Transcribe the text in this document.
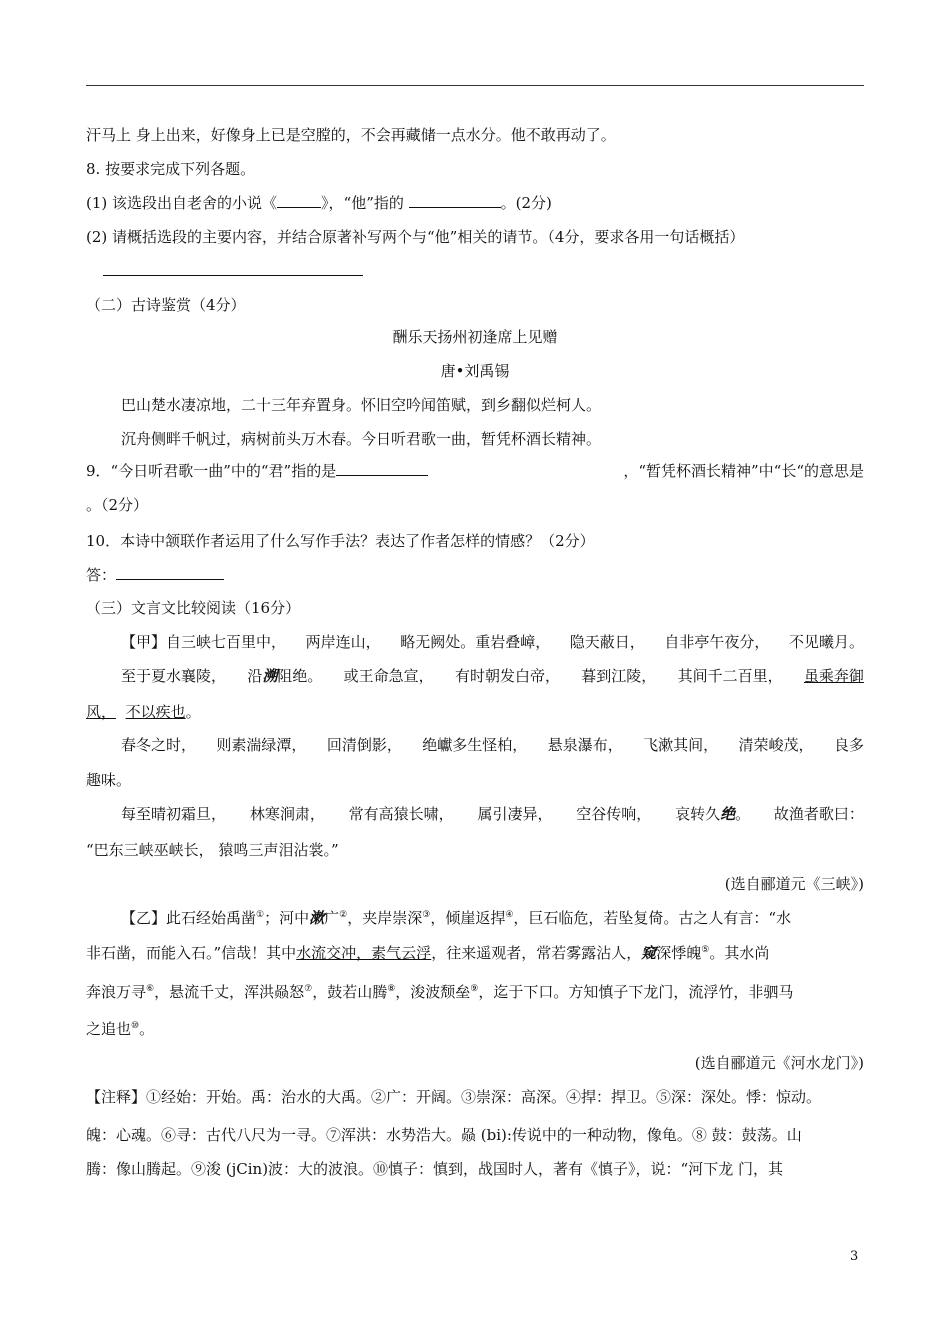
汗马上 身上出来，好像身上已是空膛的，不会再藏储一点水分。他不敢再动了。
8. 按要求完成下列各题。
(1) 该选段出自老舍的小说《	》，“他”指的	。(2分)
(2) 请概括选段的主要内容，并结合原著补写两个与“他”相关的请节。（4分，要求各用一句话概括）
（二）古诗鉴赏（4分）
酬乐天扬州初逢席上见赠
唐•刘禹锡
巴山楚水凄凉地，二十三年弃置身。怀旧空吟闻笛赋，到乡翻似烂柯人。
沉舟侧畔千帆过，病树前头万木春。今日听君歌一曲，暂凭杯酒长精神。
9．“今日听君歌一曲”中的“君”指的是	，“暂凭杯酒长精神”中“长“的意思是
。（2分）
10．本诗中颔联作者运用了什么写作手法？表达了作者怎样的情感？（2分）
答：
（三）文言文比较阅读（16分）
【甲】自三峡七百里中， 两岸连山， 略无阙处。重岩叠嶂， 隐天蔽日， 自非亭午夜分， 不见曦月。
至于夏水襄陵， 沿溯阻绝。 或王命急宣， 有时朝发白帝， 暮到江陵， 其间千二百里， 虽乘奔御
风， 不以疾也。
春冬之时， 则素湍绿潭， 回清倒影， 绝巘多生怪柏， 悬泉瀑布， 飞漱其间， 清荣峻茂， 良多
趣味。
每至晴初霜旦， 林寒涧肃， 常有高猿长啸， 属引凄异， 空谷传响， 哀转久绝。 故渔者歌曰：
“巴东三峡巫峡长， 猿鸣三声泪沾裳。”
(选自郦道元《三峡》)
【乙】此石经始禹凿①；河中漱广②，夹岸崇深③，倾崖返捍④，巨石临危，若坠复倚。古之人有言：“水
非石凿，而能入石。”信哉！其中水流交冲，素气云浮，往来遥观者，常若雾露沾人，窥深悸魄⑤。其水尚
奔浪万寻⑥，悬流千丈，浑洪赑怒⑦，鼓若山腾⑧，浚波颓垒⑨，迄于下口。方知慎子下龙门，流浮竹，非驷马
之追也⑩。
(选自郦道元《河水龙门》)
【注释】①经始：开始。禹：治水的大禹。②广：开阔。③崇深：高深。④捍：捍卫。⑤深：深处。悸：惊动。
魄：心魂。⑥寻：古代八尺为一寻。⑦浑洪：水势浩大。赑 (bi):传说中的一种动物，像龟。⑧ 鼓：鼓荡。山
腾：像山腾起。⑨浚 (jCin)波：大的波浪。⑩慎子：慎到，战国时人，著有《慎子》，说：“河下龙 门，其
3
